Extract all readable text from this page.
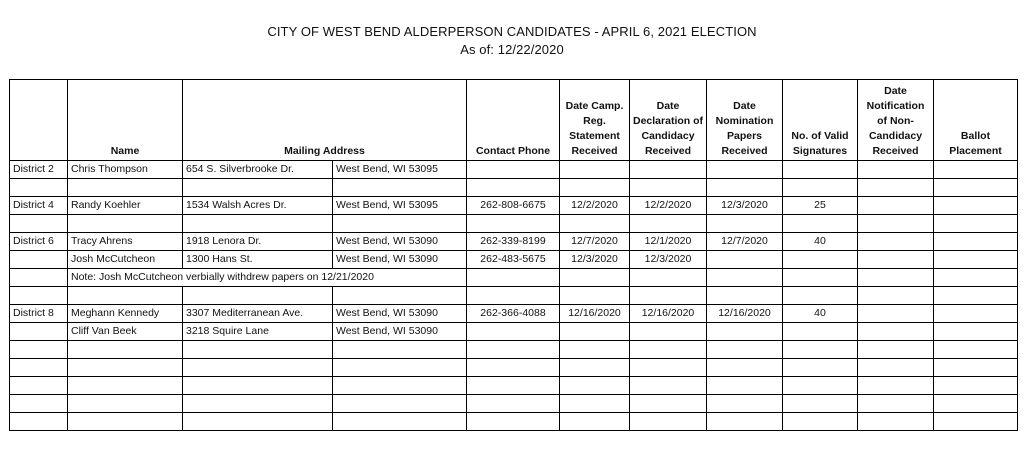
CITY OF WEST BEND ALDERPERSON CANDIDATES - APRIL 6, 2021 ELECTION
As of: 12/22/2020
	Name	Mailing Address		Contact Phone	Date Camp. Reg. Statement Received	Date Declaration of Candidacy Received	Date Nomination Papers Received	No. of Valid Signatures	Date Notification of Non-Candidacy Received	Ballot Placement
District 2	Chris Thompson	654 S. Silverbrooke Dr.	West Bend, WI 53095							

District 4	Randy Koehler	1534 Walsh Acres Dr.	West Bend, WI 53095	262-808-6675	12/2/2020	12/2/2020	12/3/2020	25		

District 6	Tracy Ahrens	1918 Lenora Dr.	West Bend, WI 53090	262-339-8199	12/7/2020	12/1/2020	12/7/2020	40		
	Josh McCutcheon	1300 Hans St.	West Bend, WI 53090	262-483-5675	12/3/2020	12/3/2020				
	Note: Josh McCutcheon verbially withdrew papers on 12/21/2020									

District 8	Meghann Kennedy	3307 Mediterranean Ave.	West Bend, WI 53090	262-366-4088	12/16/2020	12/16/2020	12/16/2020	40		
	Cliff Van Beek	3218 Squire Lane	West Bend, WI 53090							
